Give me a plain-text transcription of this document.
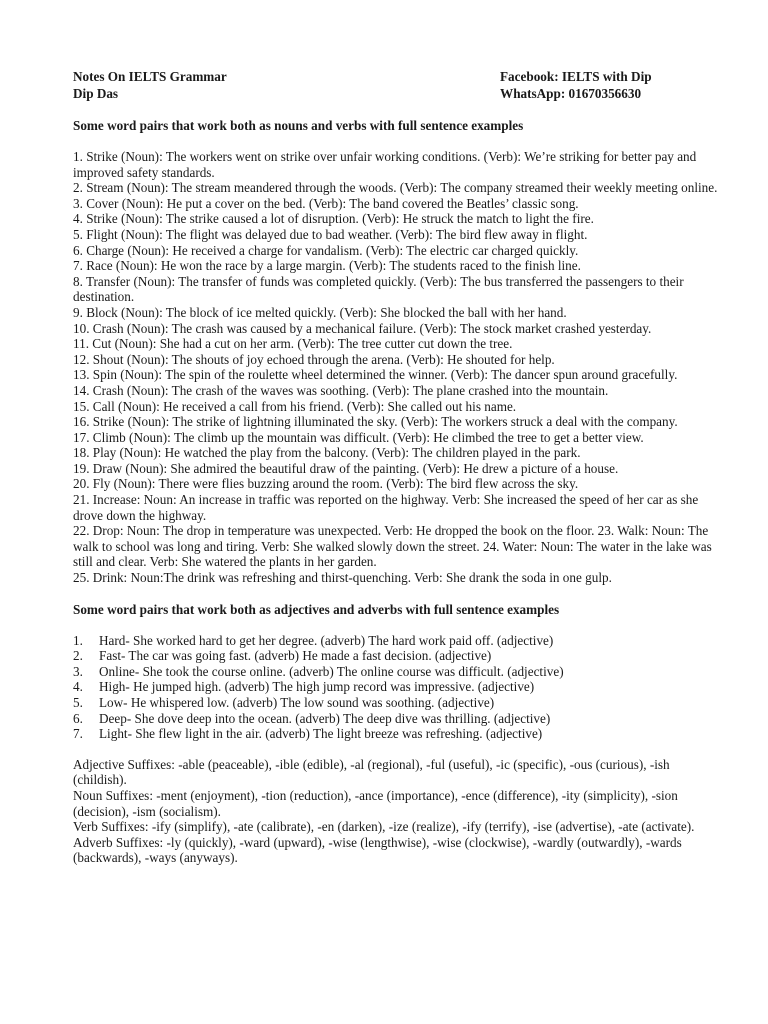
Notes On IELTS Grammar
Dip Das
Facebook: IELTS with Dip
WhatsApp: 01670356630

Some word pairs that work both as nouns and verbs with full sentence examples

1. Strike (Noun): The workers went on strike over unfair working conditions. (Verb): We’re striking for better pay and improved safety standards.

2. Stream (Noun): The stream meandered through the woods. (Verb): The company streamed their weekly meeting online.

3. Cover (Noun): He put a cover on the bed. (Verb): The band covered the Beatles’ classic song.

4. Strike (Noun): The strike caused a lot of disruption. (Verb): He struck the match to light the fire.

5. Flight (Noun): The flight was delayed due to bad weather. (Verb): The bird flew away in flight.

6. Charge (Noun): He received a charge for vandalism. (Verb): The electric car charged quickly.

7. Race (Noun): He won the race by a large margin. (Verb): The students raced to the finish line.

8. Transfer (Noun): The transfer of funds was completed quickly. (Verb): The bus transferred the passengers to their destination.

9. Block (Noun): The block of ice melted quickly. (Verb): She blocked the ball with her hand.

10. Crash (Noun): The crash was caused by a mechanical failure. (Verb): The stock market crashed yesterday.

11. Cut (Noun): She had a cut on her arm. (Verb): The tree cutter cut down the tree.

12. Shout (Noun): The shouts of joy echoed through the arena. (Verb): He shouted for help.

13. Spin (Noun): The spin of the roulette wheel determined the winner. (Verb): The dancer spun around gracefully.

14. Crash (Noun): The crash of the waves was soothing. (Verb): The plane crashed into the mountain.

15. Call (Noun): He received a call from his friend. (Verb): She called out his name.

16. Strike (Noun): The strike of lightning illuminated the sky. (Verb): The workers struck a deal with the company.

17. Climb (Noun): The climb up the mountain was difficult. (Verb): He climbed the tree to get a better view.

18. Play (Noun): He watched the play from the balcony. (Verb): The children played in the park.

19. Draw (Noun): She admired the beautiful draw of the painting. (Verb): He drew a picture of a house.

20. Fly (Noun): There were flies buzzing around the room. (Verb): The bird flew across the sky.

21. Increase: Noun: An increase in traffic was reported on the highway. Verb: She increased the speed of her car as she drove down the highway.

22. Drop: Noun: The drop in temperature was unexpected. Verb: He dropped the book on the floor. 23. Walk: Noun: The walk to school was long and tiring. Verb: She walked slowly down the street. 24. Water: Noun: The water in the lake was still and clear. Verb: She watered the plants in her garden.

25. Drink: Noun:The drink was refreshing and thirst-quenching. Verb: She drank the soda in one gulp.

Some word pairs that work both as adjectives and adverbs with full sentence examples

1.	Hard- She worked hard to get her degree. (adverb) The hard work paid off. (adjective)
2.	Fast- The car was going fast. (adverb) He made a fast decision. (adjective)
3.	Online- She took the course online. (adverb) The online course was difficult. (adjective)
4.	High- He jumped high. (adverb) The high jump record was impressive. (adjective)
5.	Low- He whispered low. (adverb) The low sound was soothing. (adjective)
6.	Deep- She dove deep into the ocean. (adverb) The deep dive was thrilling. (adjective)
7.	Light- She flew light in the air. (adverb) The light breeze was refreshing. (adjective)

Adjective Suffixes: -able (peaceable), -ible (edible), -al (regional), -ful (useful), -ic (specific), -ous (curious), -ish (childish).

Noun Suffixes: -ment (enjoyment), -tion (reduction), -ance (importance), -ence (difference), -ity (simplicity), -sion (decision), -ism (socialism).

Verb Suffixes: -ify (simplify), -ate (calibrate), -en (darken), -ize (realize), -ify (terrify), -ise (advertise), -ate (activate).

Adverb Suffixes: -ly (quickly), -ward (upward), -wise (lengthwise), -wise (clockwise), -wardly (outwardly), -wards (backwards), -ways (anyways).
